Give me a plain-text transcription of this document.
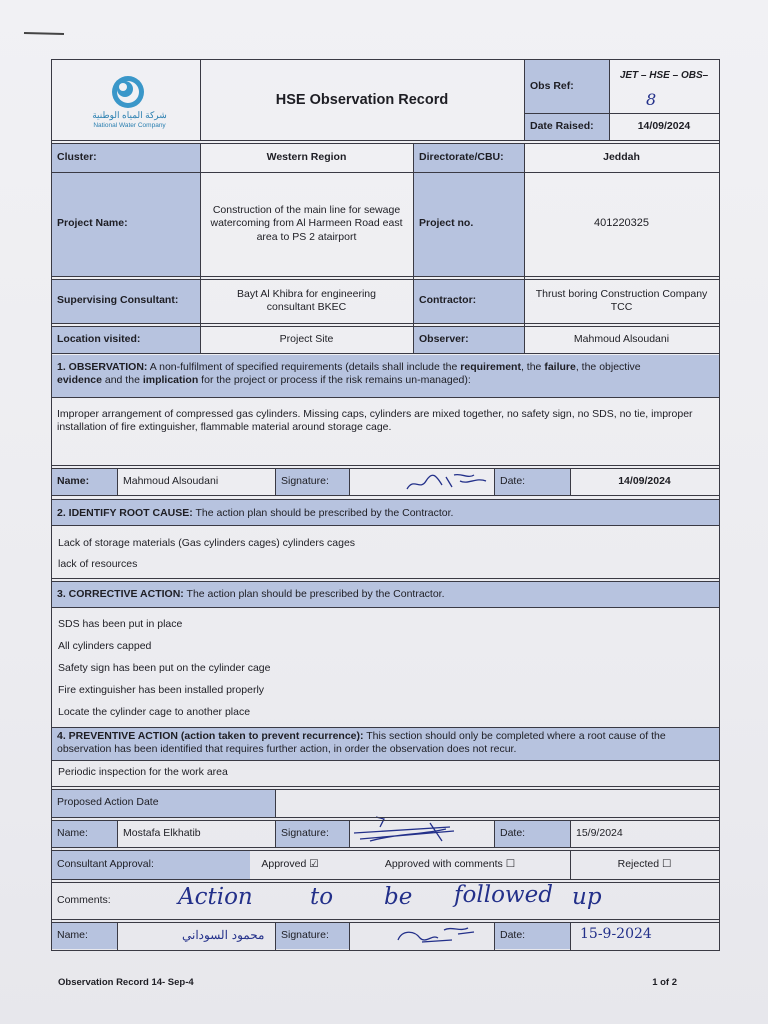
شركة المياه الوطنية
National Water Company
HSE Observation Record
Obs Ref:
JET – HSE – OBS–
8
Date Raised:	14/09/2024
Cluster:	Western Region	Directorate/CBU:	Jeddah
Project Name:
Construction of the main line for sewage watercoming from Al Harmeen Road east area to PS 2 atairport
Project no.	401220325
Supervising Consultant:
Bayt Al Khibra for engineering consultant BKEC
Contractor:
Thrust boring Construction Company TCC
Location visited:	Project Site	Observer:	Mahmoud Alsoudani
1. OBSERVATION: A non-fulfilment of specified requirements (details shall include the requirement, the failure, the objective
evidence and the implication for the project or process if the risk remains un-managed):
Improper arrangement of compressed gas cylinders. Missing caps, cylinders are mixed together, no safety sign, no SDS, no tie, improper installation of fire extinguisher, flammable material around storage cage.
Name:	Mahmoud Alsoudani	Signature:	Date:	14/09/2024
2. IDENTIFY ROOT CAUSE: The action plan should be prescribed by the Contractor.
Lack of storage materials (Gas cylinders cages) cylinders cages
lack of resources
3. CORRECTIVE ACTION: The action plan should be prescribed by the Contractor.
SDS has been put in place
All cylinders capped
Safety sign has been put on the cylinder cage
Fire extinguisher has been installed properly
Locate the cylinder cage to another place
4. PREVENTIVE ACTION (action taken to prevent recurrence): This section should only be completed where a root cause of the observation has been identified that requires further action, in order the observation does not recur.
Periodic inspection for the work area
Proposed Action Date
Name:	Mostafa Elkhatib	Signature:	Date:	15/9/2024
Consultant Approval:	Approved ☑	Approved with comments ☐	Rejected ☐
Comments:	Action to be followed up
Name:	محمود السوداني	Signature:	Date:	15-9-2024
Observation Record 14- Sep-4	1 of 2
